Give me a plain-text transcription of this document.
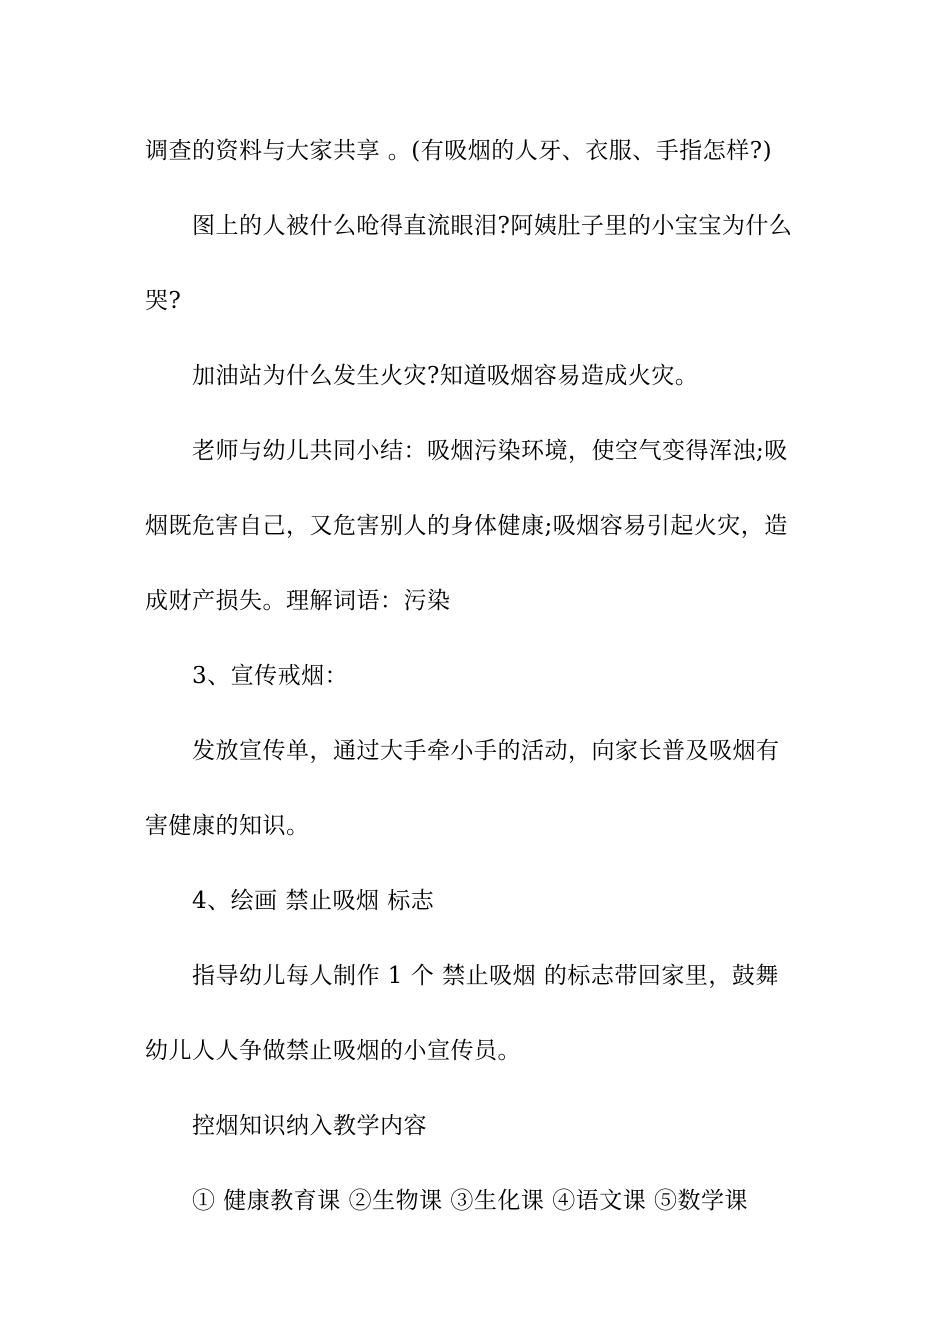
调查的资料与大家共享 。(有吸烟的人牙、衣服、手指怎样?)
图上的人被什么呛得直流眼泪?阿姨肚子里的小宝宝为什么
哭?
加油站为什么发生火灾?知道吸烟容易造成火灾。
老师与幼儿共同小结：吸烟污染环境，使空气变得浑浊;吸
烟既危害自己，又危害别人的身体健康;吸烟容易引起火灾，造
成财产损失。理解词语：污染
3、宣传戒烟：
发放宣传单，通过大手牵小手的活动，向家长普及吸烟有
害健康的知识。
4、绘画 禁止吸烟 标志
指导幼儿每人制作 1 个 禁止吸烟 的标志带回家里，鼓舞
幼儿人人争做禁止吸烟的小宣传员。
控烟知识纳入教学内容
① 健康教育课 ②生物课 ③生化课 ④语文课 ⑤数学课
